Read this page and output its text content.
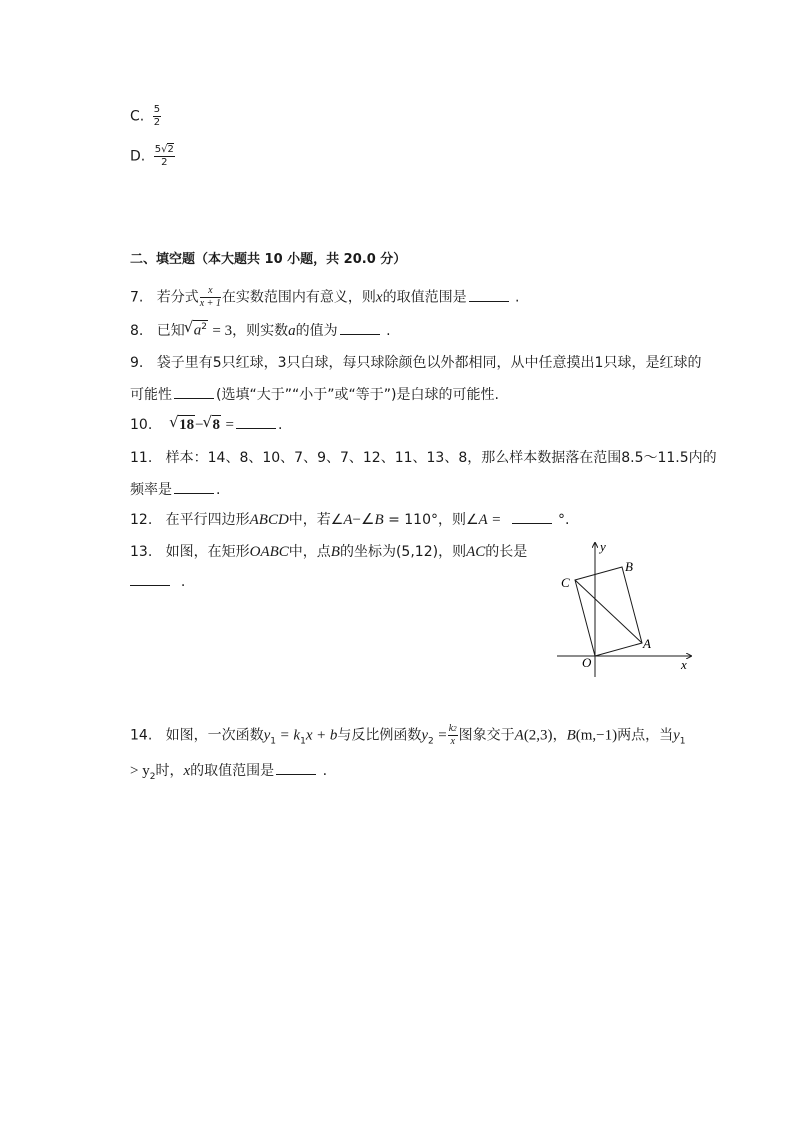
C. $\frac{5}{2}$
D. $\frac{5√2}{2}$
二、填空题（本大题共 10 小题，共 20.0 分）
7. 若分式 $\frac{x}{x + 1}$ 在实数范围内有意义，则x的取值范围是	.
8. 已知 √ $a^2 = 3$，则实数a的值为	.
9. 袋子里有5只红球，3只白球，每只球除颜色以外都相同，从中任意摸出1只球，是红球的
可能性	(选填“大于”“小于”或“等于”)是白球的可能性.
10. √ 18− √ 8 =	.
11. 样本：14、8、10、7、9、7、12、11、13、8，那么样本数据落在范围8.5～11.5内的
频率是	.
12. 在平行四边形ABCD中，若∠A−∠B = 110°，则∠A =	°.
13. 如图，在矩形OABC中，点B的坐标为(5,12)，则AC的长是
.
y
x
O
A
B
C
14. 如图，一次函数$y_1 = k_1x + b$与反比例函数$y_2 = \frac{k2}{x}$ 图象交于A(2,3)，B(m,−1)两点，当$y_1$
> $y_2$时，x的取值范围是	.
